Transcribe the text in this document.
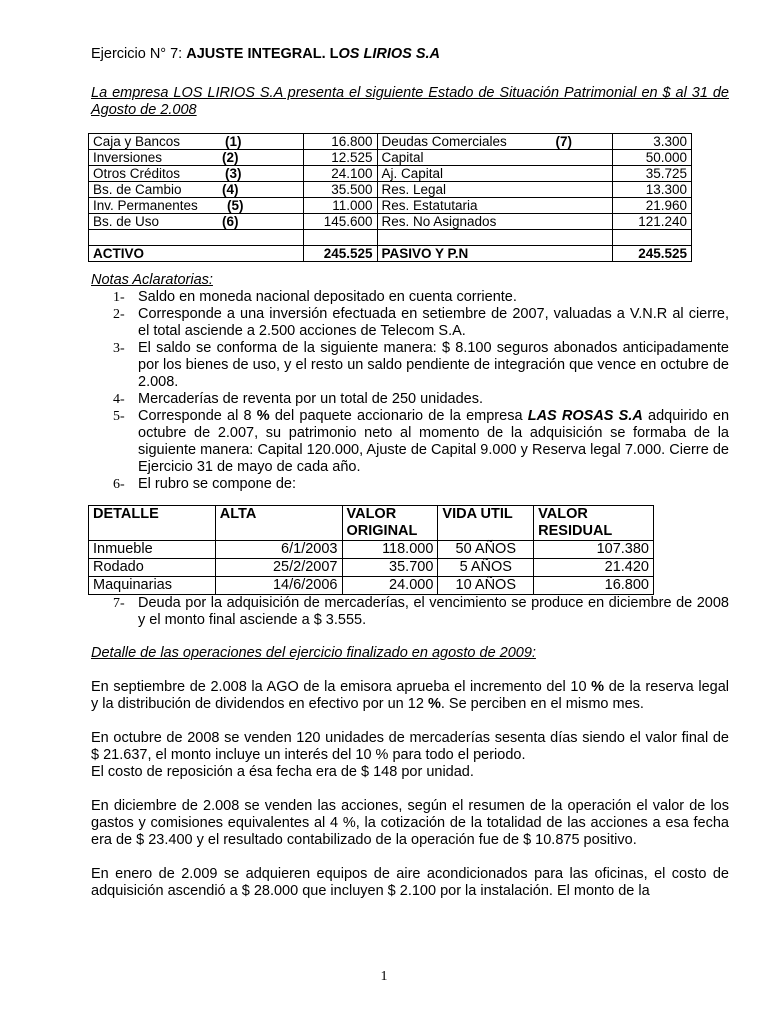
Ejercicio N° 7: AJUSTE INTEGRAL. LOS LIRIOS S.A

La empresa LOS LIRIOS S.A presenta el siguiente Estado de Situación Patrimonial en $ al 31 de Agosto de 2.008

Caja y Bancos (1)	16.800	Deudas Comerciales (7)	3.300
Inversiones (2)	12.525	Capital	50.000
Otros Créditos (3)	24.100	Aj. Capital	35.725
Bs. de Cambio (4)	35.500	Res. Legal	13.300
Inv. Permanentes (5)	11.000	Res. Estatutaria	21.960
Bs. de Uso (6)	145.600	Res. No Asignados	121.240

ACTIVO	245.525	PASIVO Y P.N	245.525

Notas Aclaratorias:

1- Saldo en moneda nacional depositado en cuenta corriente.
2- Corresponde a una inversión efectuada en setiembre de 2007, valuadas a V.N.R al cierre, el total asciende a 2.500 acciones de Telecom S.A.
3- El saldo se conforma de la siguiente manera: $ 8.100 seguros abonados anticipadamente por los bienes de uso, y el resto un saldo pendiente de integración que vence en octubre de 2.008.
4- Mercaderías de reventa por un total de 250 unidades.
5- Corresponde al 8 % del paquete accionario de la empresa LAS ROSAS S.A adquirido en octubre de 2.007, su patrimonio neto al momento de la adquisición se formaba de la siguiente manera: Capital 120.000, Ajuste de Capital 9.000 y Reserva legal 7.000. Cierre de Ejercicio 31 de mayo de cada año.
6- El rubro se compone de:
DETALLE	ALTA	VALOR ORIGINAL	VIDA UTIL	VALOR RESIDUAL
Inmueble	6/1/2003	118.000	50 AÑOS	107.380
Rodado	25/2/2007	35.700	5 AÑOS	21.420
Maquinarias	14/6/2006	24.000	10 AÑOS	16.800
7- Deuda por la adquisición de mercaderías, el vencimiento se produce en diciembre de 2008 y el monto final asciende a $ 3.555.

Detalle de las operaciones del ejercicio finalizado en agosto de 2009:

En septiembre de 2.008 la AGO de la emisora aprueba el incremento del 10 % de la reserva legal y la distribución de dividendos en efectivo por un 12 %. Se perciben en el mismo mes.

En octubre de 2008 se venden 120 unidades de mercaderías sesenta días siendo el valor final de $ 21.637, el monto incluye un interés del 10 % para todo el periodo.
El costo de reposición a ésa fecha era de $ 148 por unidad.

En diciembre de 2.008 se venden las acciones, según el resumen de la operación el valor de los gastos y comisiones equivalentes al 4 %, la cotización de la totalidad de las acciones a esa fecha era de $ 23.400 y el resultado contabilizado de la operación fue de $ 10.875 positivo.

En enero de 2.009 se adquieren equipos de aire acondicionados para las oficinas, el costo de adquisición ascendió a $ 28.000 que incluyen $ 2.100 por la instalación. El monto de la

1
